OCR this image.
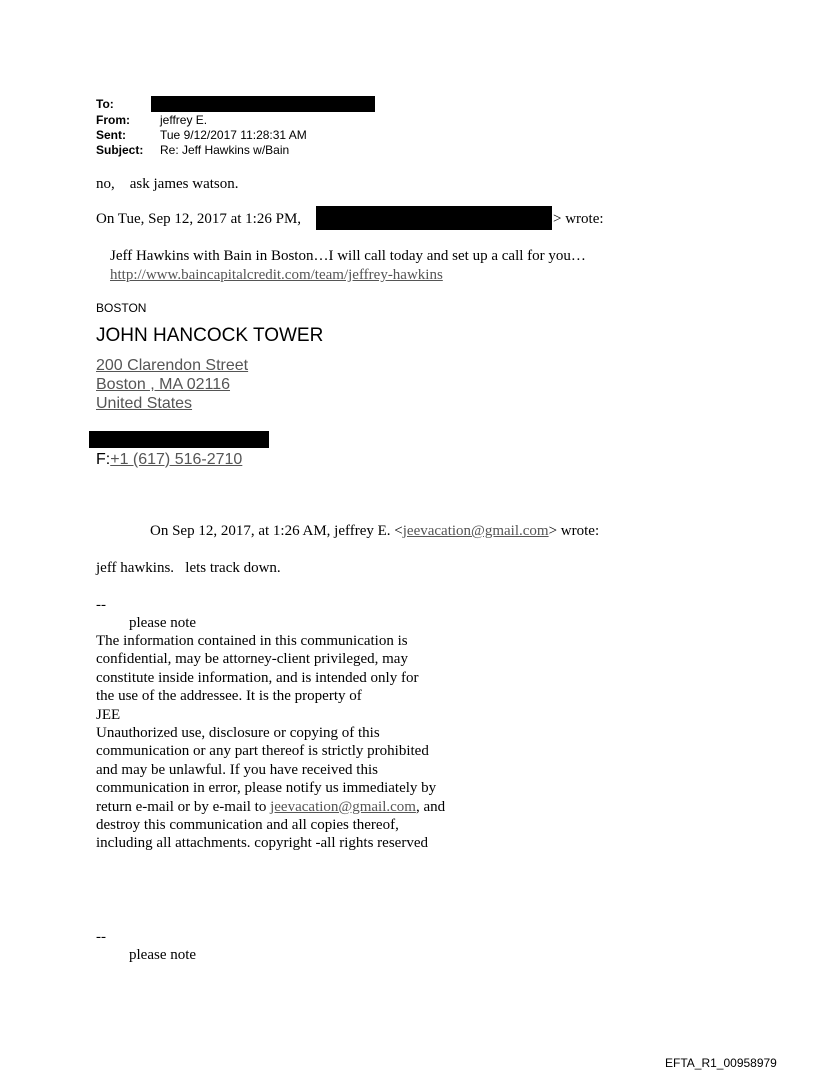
To:
From:	jeffrey E.
Sent:	Tue 9/12/2017 11:28:31 AM
Subject: Re: Jeff Hawkins w/Bain
no,    ask james watson.
On Tue, Sep 12, 2017 at 1:26 PM,	> wrote:
Jeff Hawkins with Bain in Boston…I will call today and set up a call for you…
http://www.baincapitalcredit.com/team/jeffrey-hawkins
BOSTON
JOHN HANCOCK TOWER
200 Clarendon Street
Boston , MA 02116
United States
F:+1 (617) 516-2710
On Sep 12, 2017, at 1:26 AM, jeffrey E. <jeevacation@gmail.com> wrote:
jeff hawkins.   lets track down.
--
please note
The information contained in this communication is
confidential, may be attorney-client privileged, may
constitute inside information, and is intended only for
the use of the addressee. It is the property of
JEE
Unauthorized use, disclosure or copying of this
communication or any part thereof is strictly prohibited
and may be unlawful. If you have received this
communication in error, please notify us immediately by
return e-mail or by e-mail to jeevacation@gmail.com, and
destroy this communication and all copies thereof,
including all attachments. copyright -all rights reserved
--
please note
EFTA_R1_00958979
